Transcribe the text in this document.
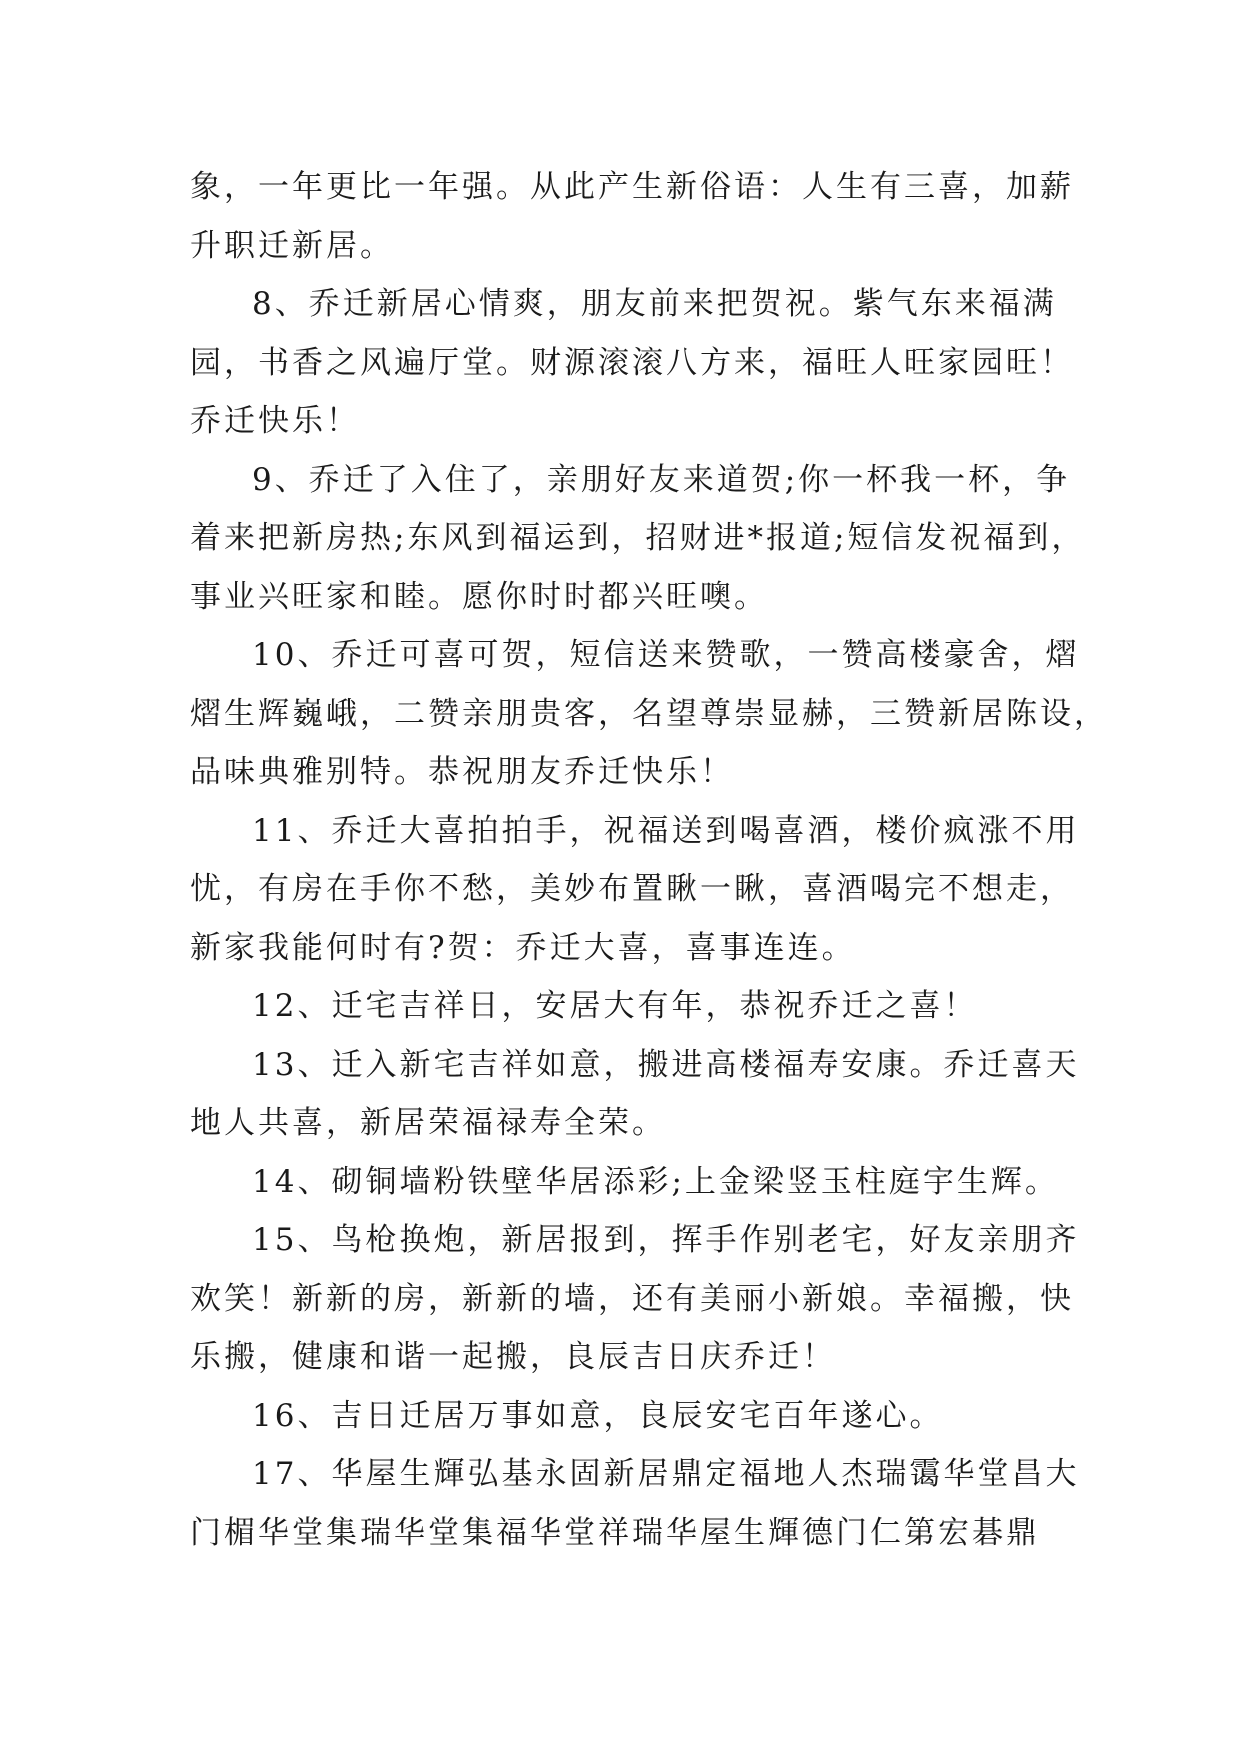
象，一年更比一年强。从此产生新俗语：人生有三喜，加薪
升职迁新居。
8、乔迁新居心情爽，朋友前来把贺祝。紫气东来福满
园，书香之风遍厅堂。财源滚滚八方来，福旺人旺家园旺！
乔迁快乐！
9、乔迁了入住了，亲朋好友来道贺;你一杯我一杯，争
着来把新房热;东风到福运到，招财进*报道;短信发祝福到，
事业兴旺家和睦。愿你时时都兴旺噢。
10、乔迁可喜可贺，短信送来赞歌，一赞高楼豪舍，熠
熠生辉巍峨，二赞亲朋贵客，名望尊崇显赫，三赞新居陈设，
品味典雅别特。恭祝朋友乔迁快乐！
11、乔迁大喜拍拍手，祝福送到喝喜酒，楼价疯涨不用
忧，有房在手你不愁，美妙布置瞅一瞅，喜酒喝完不想走，
新家我能何时有?贺：乔迁大喜，喜事连连。
12、迁宅吉祥日，安居大有年，恭祝乔迁之喜！
13、迁入新宅吉祥如意，搬进高楼福寿安康。乔迁喜天
地人共喜，新居荣福禄寿全荣。
14、砌铜墙粉铁壁华居添彩;上金梁竖玉柱庭宇生辉。
15、鸟枪换炮，新居报到，挥手作别老宅，好友亲朋齐
欢笑！新新的房，新新的墙，还有美丽小新娘。幸福搬，快
乐搬，健康和谐一起搬，良辰吉日庆乔迁！
16、吉日迁居万事如意，良辰安宅百年遂心。
17、华屋生輝弘基永固新居鼎定福地人杰瑞霭华堂昌大
门楣华堂集瑞华堂集福华堂祥瑞华屋生輝德门仁第宏碁鼎
